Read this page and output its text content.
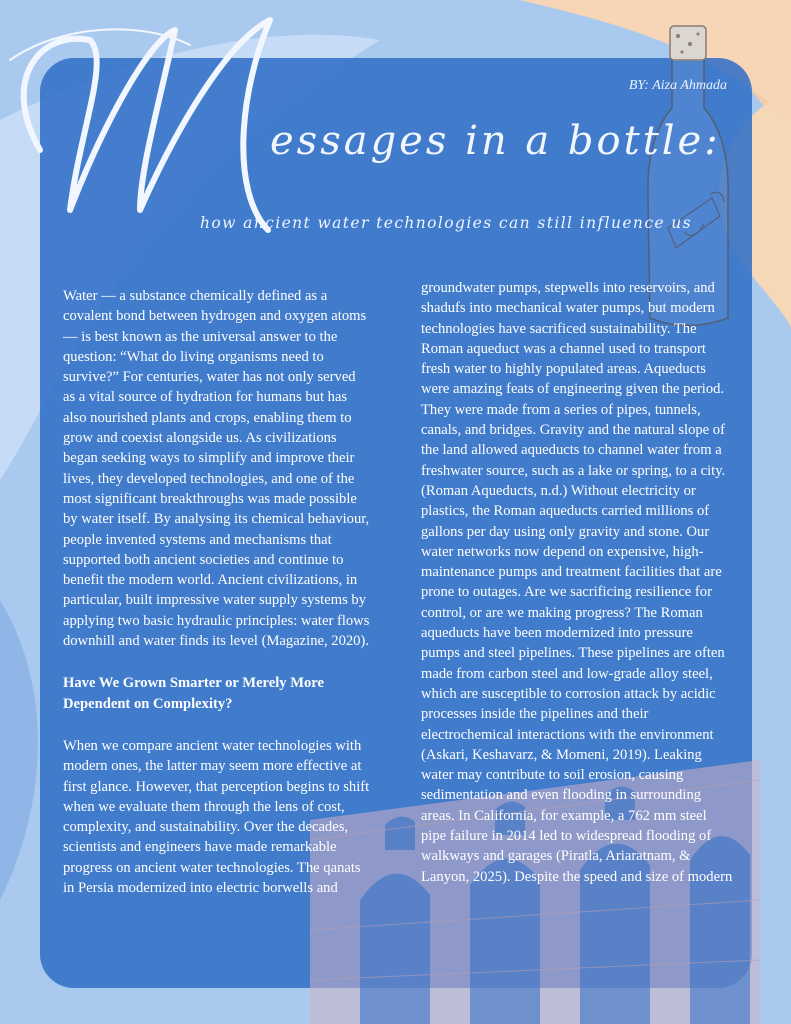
BY: Aiza Ahmada
essages in a bottle:
how ancient water technologies can still influence us

Water — a substance chemically defined as a covalent bond between hydrogen and oxygen atoms — is best known as the universal answer to the question: “What do living organisms need to survive?” For centuries, water has not only served as a vital source of hydration for humans but has also nourished plants and crops, enabling them to grow and coexist alongside us. As civilizations began seeking ways to simplify and improve their lives, they developed technologies, and one of the most significant breakthroughs was made possible by water itself. By analysing its chemical behaviour, people invented systems and mechanisms that supported both ancient societies and continue to benefit the modern world. Ancient civilizations, in particular, built impressive water supply systems by applying two basic hydraulic principles: water flows downhill and water finds its level (Magazine, 2020).

Have We Grown Smarter or Merely More Dependent on Complexity?

When we compare ancient water technologies with modern ones, the latter may seem more effective at first glance. However, that perception begins to shift when we evaluate them through the lens of cost, complexity, and sustainability. Over the decades, scientists and engineers have made remarkable progress on ancient water technologies. The qanats in Persia modernized into electric borwells and

groundwater pumps, stepwells into reservoirs, and shadufs into mechanical water pumps, but modern technologies have sacrificed sustainability. The Roman aqueduct was a channel used to transport fresh water to highly populated areas. Aqueducts were amazing feats of engineering given the period. They were made from a series of pipes, tunnels, canals, and bridges. Gravity and the natural slope of the land allowed aqueducts to channel water from a freshwater source, such as a lake or spring, to a city. (Roman Aqueducts, n.d.) Without electricity or plastics, the Roman aqueducts carried millions of gallons per day using only gravity and stone. Our water networks now depend on expensive, high-maintenance pumps and treatment facilities that are prone to outages. Are we sacrificing resilience for control, or are we making progress? The Roman aqueducts have been modernized into pressure pumps and steel pipelines. These pipelines are often made from carbon steel and low-grade alloy steel, which are susceptible to corrosion attack by acidic processes inside the pipelines and their electrochemical interactions with the environment (Askari, Keshavarz, & Momeni, 2019). Leaking water may contribute to soil erosion, causing sedimentation and even flooding in surrounding areas. In California, for example, a 762 mm steel pipe failure in 2014 led to widespread flooding of walkways and garages (Piratla, Ariaratnam, & Lanyon, 2025). Despite the speed and size of modern
